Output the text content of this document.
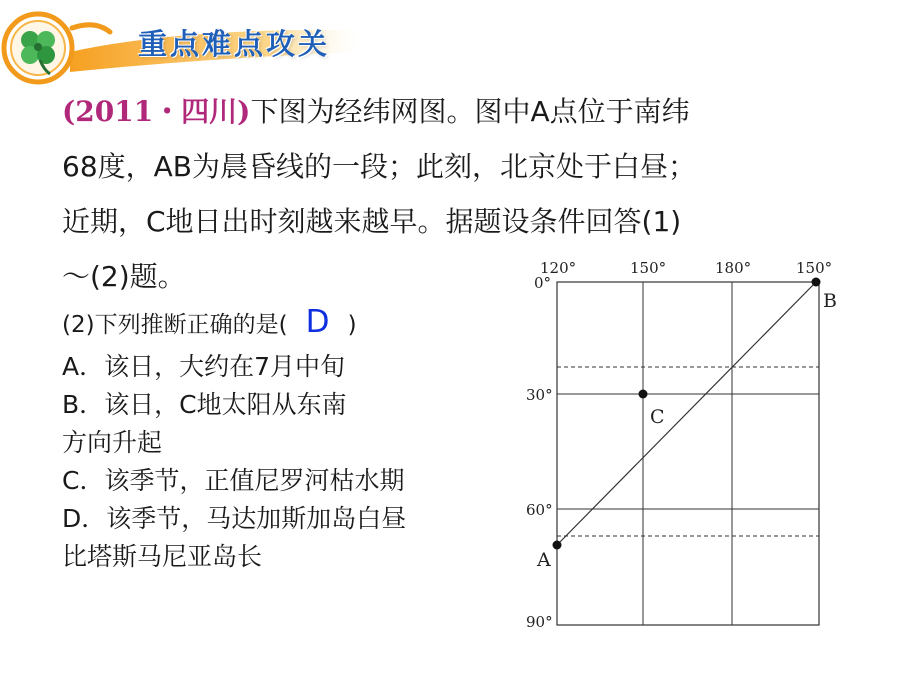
重点难点攻关
(2011・四川)下图为经纬网图。图中A点位于南纬
68度，AB为晨昏线的一段；此刻，北京处于白昼；
近期，C地日出时刻越来越早。据题设条件回答(1)
～(2)题。
(2)下列推断正确的是( D )
A．该日，大约在7月中旬
B．该日，C地太阳从东南
方向升起
C．该季节，正值尼罗河枯水期
D．该季节，马达加斯加岛白昼
比塔斯马尼亚岛长
120°	150°	180°	150°
0°
30°
60°
90°
A
B
C
